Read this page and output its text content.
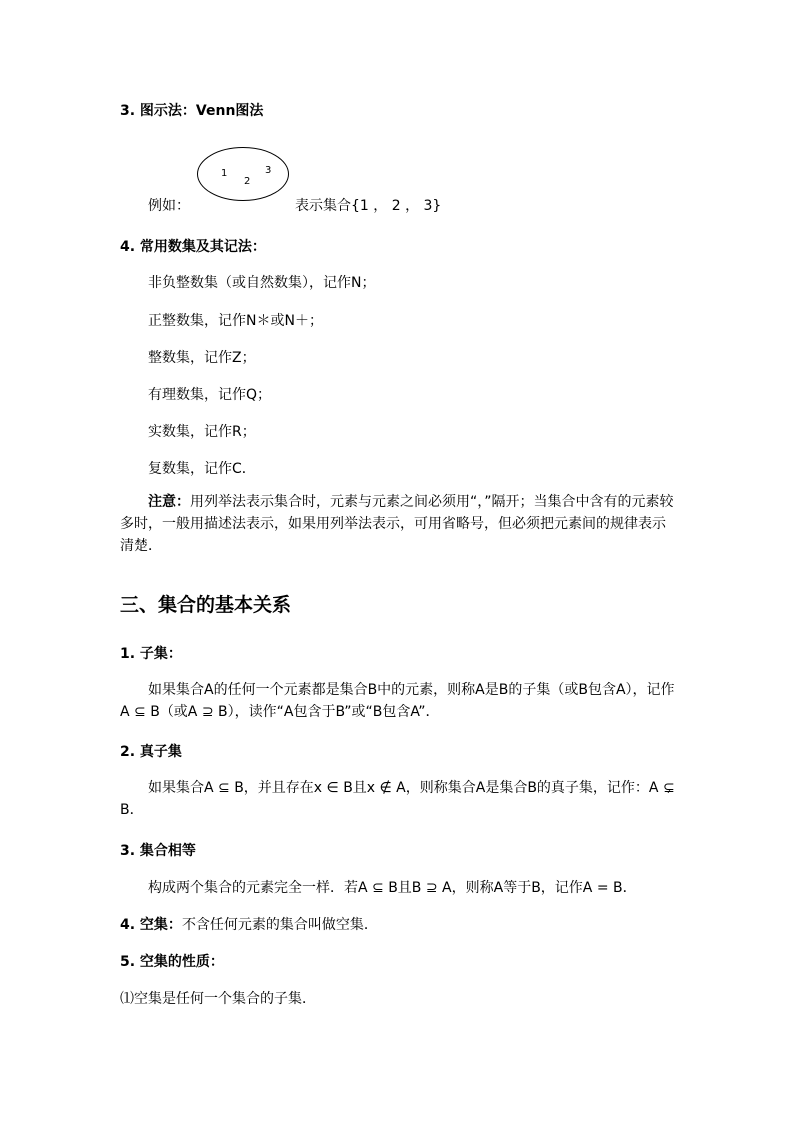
3. 图示法：Venn图法
1
2
3
例如：	表示集合{1 ， 2 ， 3}
4. 常用数集及其记法：
非负整数集（或自然数集），记作N；
正整数集，记作N＊或N＋；
整数集，记作Z；
有理数集，记作Q；
实数集，记作R；
复数集，记作C．
注意：用列举法表示集合时，元素与元素之间必须用“，”隔开；当集合中含有的元素较多时，一般用描述法表示，如果用列举法表示，可用省略号，但必须把元素间的规律表示清楚．
三、集合的基本关系
1. 子集：
如果集合A的任何一个元素都是集合B中的元素，则称A是B的子集（或B包含A），记作A ⊆ B（或A ⊇ B），读作“A包含于B”或“B包含A”．
2. 真子集
如果集合A ⊆ B，并且存在x ∈ B且x ∉ A，则称集合A是集合B的真子集，记作：A ⊊ B．
3. 集合相等
构成两个集合的元素完全一样．若A ⊆ B且B ⊇ A，则称A等于B，记作A = B．
4. 空集：不含任何元素的集合叫做空集．
5. 空集的性质：
⑴空集是任何一个集合的子集．
